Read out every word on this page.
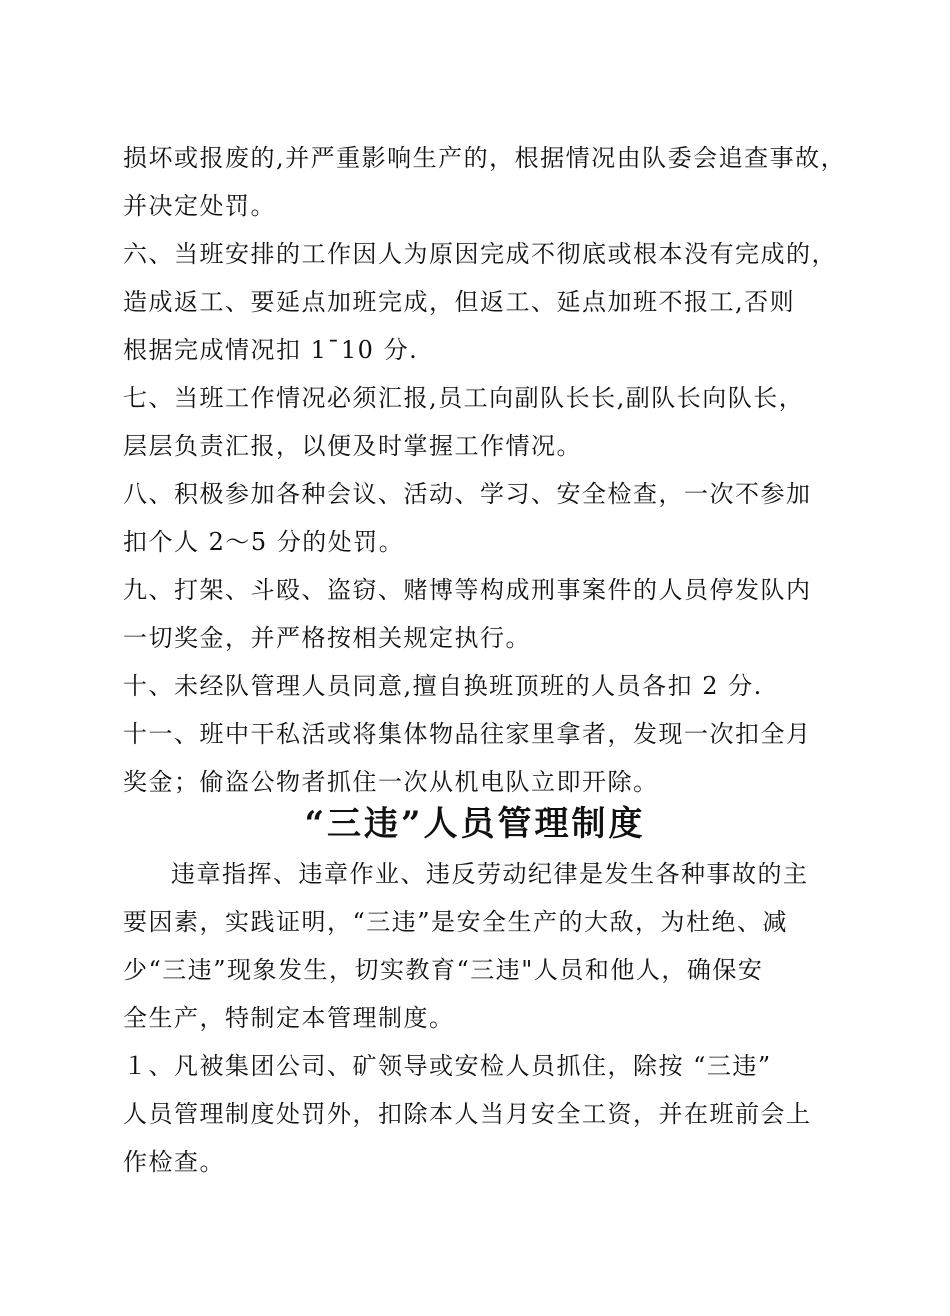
损坏或报废的,并严重影响生产的，根据情况由队委会追查事故，
并决定处罚。
六、当班安排的工作因人为原因完成不彻底或根本没有完成的，
造成返工、要延点加班完成，但返工、延点加班不报工,否则
根据完成情况扣 1¯10 分.
七、当班工作情况必须汇报,员工向副队长长,副队长向队长，
层层负责汇报，以便及时掌握工作情况。
八、积极参加各种会议、活动、学习、安全检查，一次不参加
扣个人 2～5 分的处罚。
九、打架、斗殴、盗窃、赌博等构成刑事案件的人员停发队内
一切奖金，并严格按相关规定执行。
十、未经队管理人员同意,擅自换班顶班的人员各扣 2 分.
十一、班中干私活或将集体物品往家里拿者，发现一次扣全月
奖金；偷盗公物者抓住一次从机电队立即开除。
“三违”人员管理制度
违章指挥、违章作业、违反劳动纪律是发生各种事故的主
要因素，实践证明，“三违”是安全生产的大敌，为杜绝、减
少“三违”现象发生，切实教育“三违"人员和他人，确保安
全生产，特制定本管理制度。
１、凡被集团公司、矿领导或安检人员抓住，除按 “三违”
人员管理制度处罚外，扣除本人当月安全工资，并在班前会上
作检查。
